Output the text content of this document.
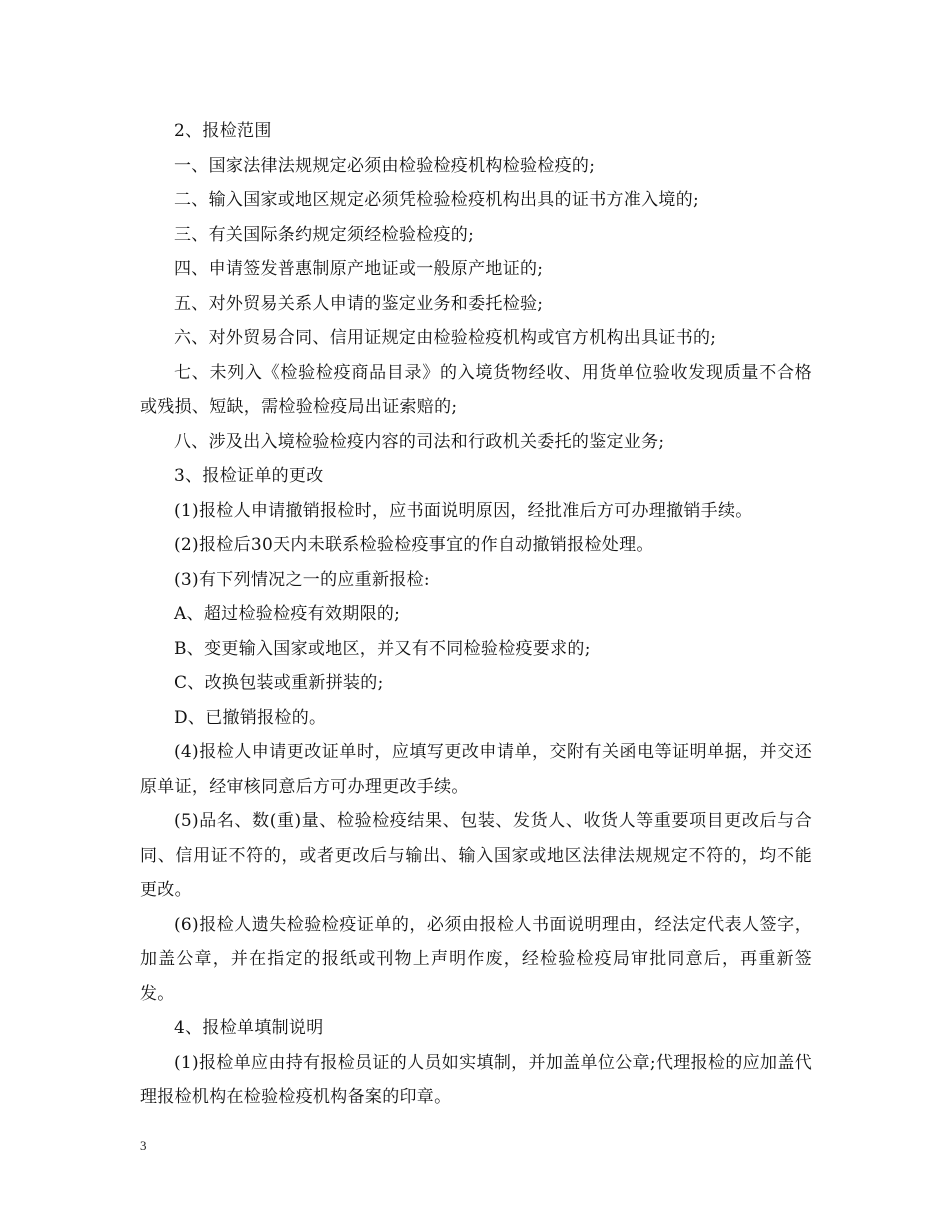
2、报检范围

一、国家法律法规规定必须由检验检疫机构检验检疫的;

二、输入国家或地区规定必须凭检验检疫机构出具的证书方准入境的;

三、有关国际条约规定须经检验检疫的;

四、申请签发普惠制原产地证或一般原产地证的;

五、对外贸易关系人申请的鉴定业务和委托检验;

六、对外贸易合同、信用证规定由检验检疫机构或官方机构出具证书的;

七、未列入《检验检疫商品目录》的入境货物经收、用货单位验收发现质量不合格或残损、短缺，需检验检疫局出证索赔的;

八、涉及出入境检验检疫内容的司法和行政机关委托的鉴定业务;

3、报检证单的更改

(1)报检人申请撤销报检时，应书面说明原因，经批准后方可办理撤销手续。

(2)报检后30天内未联系检验检疫事宜的作自动撤销报检处理。

(3)有下列情况之一的应重新报检:

A、超过检验检疫有效期限的;

B、变更输入国家或地区，并又有不同检验检疫要求的;

C、改换包装或重新拼装的;

D、已撤销报检的。

(4)报检人申请更改证单时，应填写更改申请单，交附有关函电等证明单据，并交还原单证，经审核同意后方可办理更改手续。

(5)品名、数(重)量、检验检疫结果、包装、发货人、收货人等重要项目更改后与合同、信用证不符的，或者更改后与输出、输入国家或地区法律法规规定不符的，均不能更改。

(6)报检人遗失检验检疫证单的，必须由报检人书面说明理由，经法定代表人签字，加盖公章，并在指定的报纸或刊物上声明作废，经检验检疫局审批同意后，再重新签发。

4、报检单填制说明

(1)报检单应由持有报检员证的人员如实填制，并加盖单位公章;代理报检的应加盖代理报检机构在检验检疫机构备案的印章。

3
